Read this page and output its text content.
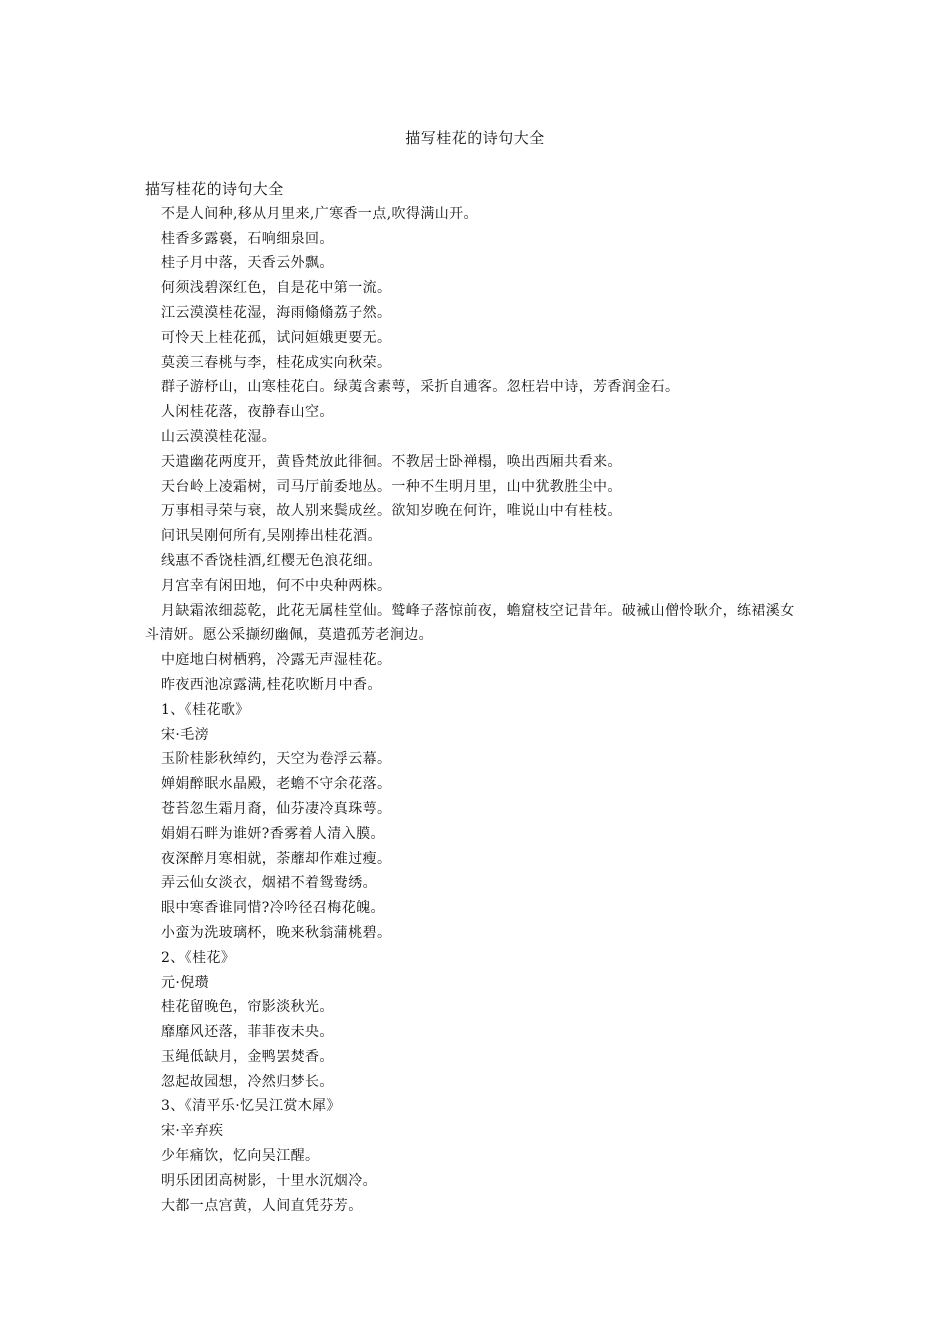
描写桂花的诗句大全
描写桂花的诗句大全
不是人间种,移从月里来,广寒香一点,吹得满山开。
桂香多露裛，石响细泉回。
桂子月中落，天香云外飘。
何须浅碧深红色，自是花中第一流。
江云漠漠桂花湿，海雨翛翛荔子然。
可怜天上桂花孤，试问姮娥更要无。
莫羡三春桃与李，桂花成实向秋荣。
群子游杼山，山寒桂花白。绿荑含素萼，采折自逋客。忽枉岩中诗，芳香润金石。
人闲桂花落，夜静春山空。
山云漠漠桂花湿。
天遣幽花两度开，黄昏梵放此徘徊。不教居士卧禅榻，唤出西厢共看来。
天台岭上凌霜树，司马厅前委地丛。一种不生明月里，山中犹教胜尘中。
万事相寻荣与衰，故人别来鬓成丝。欲知岁晚在何许，唯说山中有桂枝。
问讯吴刚何所有,吴刚捧出桂花酒。
线惠不香饶桂酒,红樱无色浪花细。
月宫幸有闲田地，何不中央种两株。
月缺霜浓细蕊乾，此花无属桂堂仙。鹫峰子落惊前夜，蟾窟枝空记昔年。破裓山僧怜耿介，练裙溪女斗清妍。愿公采撷纫幽佩，莫遣孤芳老涧边。
中庭地白树栖鸦，冷露无声湿桂花。
昨夜西池凉露满,桂花吹断月中香。
1、《桂花歌》
宋·毛滂
玉阶桂影秋绰约，天空为卷浮云幕。
婵娟醉眠水晶殿，老蟾不守余花落。
苍苔忽生霜月裔，仙芬凄冷真珠萼。
娟娟石畔为谁妍?香雾着人清入膜。
夜深醉月寒相就，荼蘼却作难过瘦。
弄云仙女淡衣，烟裙不着鸳鸯绣。
眼中寒香谁同惜?冷吟径召梅花魄。
小蛮为洗玻璃杯，晚来秋翁蒲桃碧。
2、《桂花》
元·倪瓒
桂花留晚色，帘影淡秋光。
靡靡风还落，菲菲夜未央。
玉绳低缺月，金鸭罢焚香。
忽起故园想，冷然归梦长。
3、《清平乐·忆吴江赏木犀》
宋·辛弃疾
少年痛饮，忆向吴江醒。
明乐团团高树影，十里水沉烟冷。
大都一点宫黄，人间直凭芬芳。
